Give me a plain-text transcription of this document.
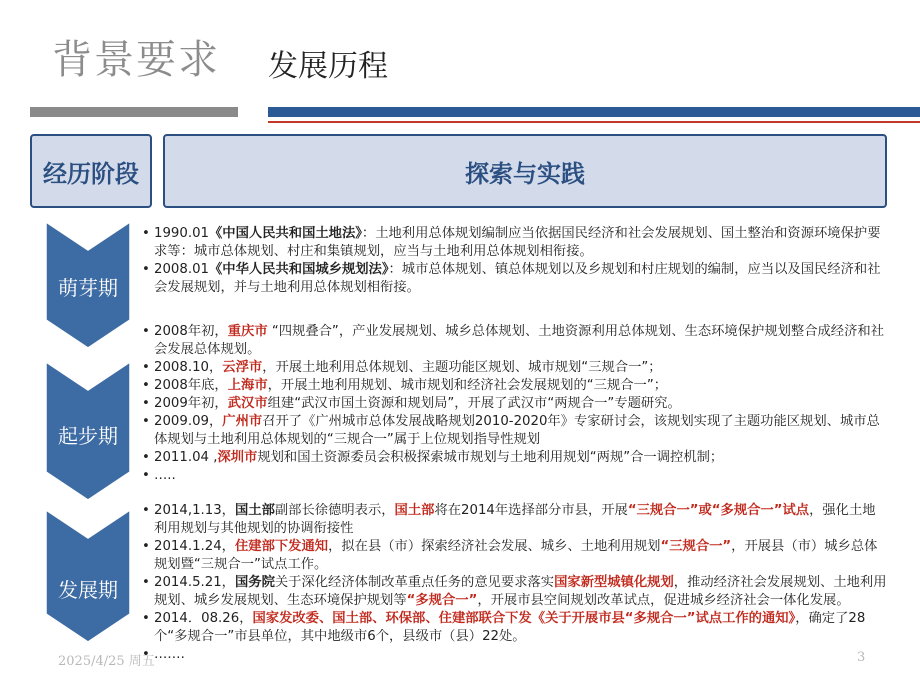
背景要求 发展历程
经历阶段	探索与实践
萌芽期
起步期
发展期
• 1990.01《中国人民共和国土地法》：土地利用总体规划编制应当依据国民经济和社会发展规划、国土整治和资源环境保护要求等：城市总体规划、村庄和集镇规划，应当与土地利用总体规划相衔接。
• 2008.01《中华人民共和国城乡规划法》：城市总体规划、镇总体规划以及乡规划和村庄规划的编制，应当以及国民经济和社会发展规划，并与土地利用总体规划相衔接。
• 2008年初，重庆市 “四规叠合”，产业发展规划、城乡总体规划、土地资源利用总体规划、生态环境保护规划整合成经济和社会发展总体规划。
• 2008.10，云浮市，开展土地利用总体规划、主题功能区规划、城市规划“三规合一”；
• 2008年底，上海市，开展土地利用规划、城市规划和经济社会发展规划的“三规合一”；
• 2009年初，武汉市组建“武汉市国土资源和规划局”，开展了武汉市“两规合一”专题研究。
• 2009.09，广州市召开了《广州城市总体发展战略规划2010-2020年》专家研讨会，该规划实现了主题功能区规划、城市总体规划与土地利用总体规划的“三规合一”属于上位规划指导性规划
• 2011.04 ,深圳市规划和国土资源委员会积极探索城市规划与土地利用规划“两规”合一调控机制；
• …..
• 2014,1.13，国土部副部长徐德明表示，国土部将在2014年选择部分市县，开展“三规合一”或“多规合一”试点，强化土地利用规划与其他规划的协调衔接性
• 2014.1.24，住建部下发通知，拟在县（市）探索经济社会发展、城乡、土地利用规划“三规合一”，开展县（市）城乡总体规划暨“三规合一”试点工作。
• 2014.5.21，国务院关于深化经济体制改革重点任务的意见要求落实国家新型城镇化规划，推动经济社会发展规划、土地利用规划、城乡发展规划、生态环境保护规划等“多规合一”，开展市县空间规划改革试点，促进城乡经济社会一体化发展。
• 2014．08.26，国家发改委、国土部、环保部、住建部联合下发《关于开展市县“多规合一”试点工作的通知》，确定了28个“多规合一”市县单位，其中地级市6个，县级市（县）22处。
• …….
2025/4/25 周五	3
